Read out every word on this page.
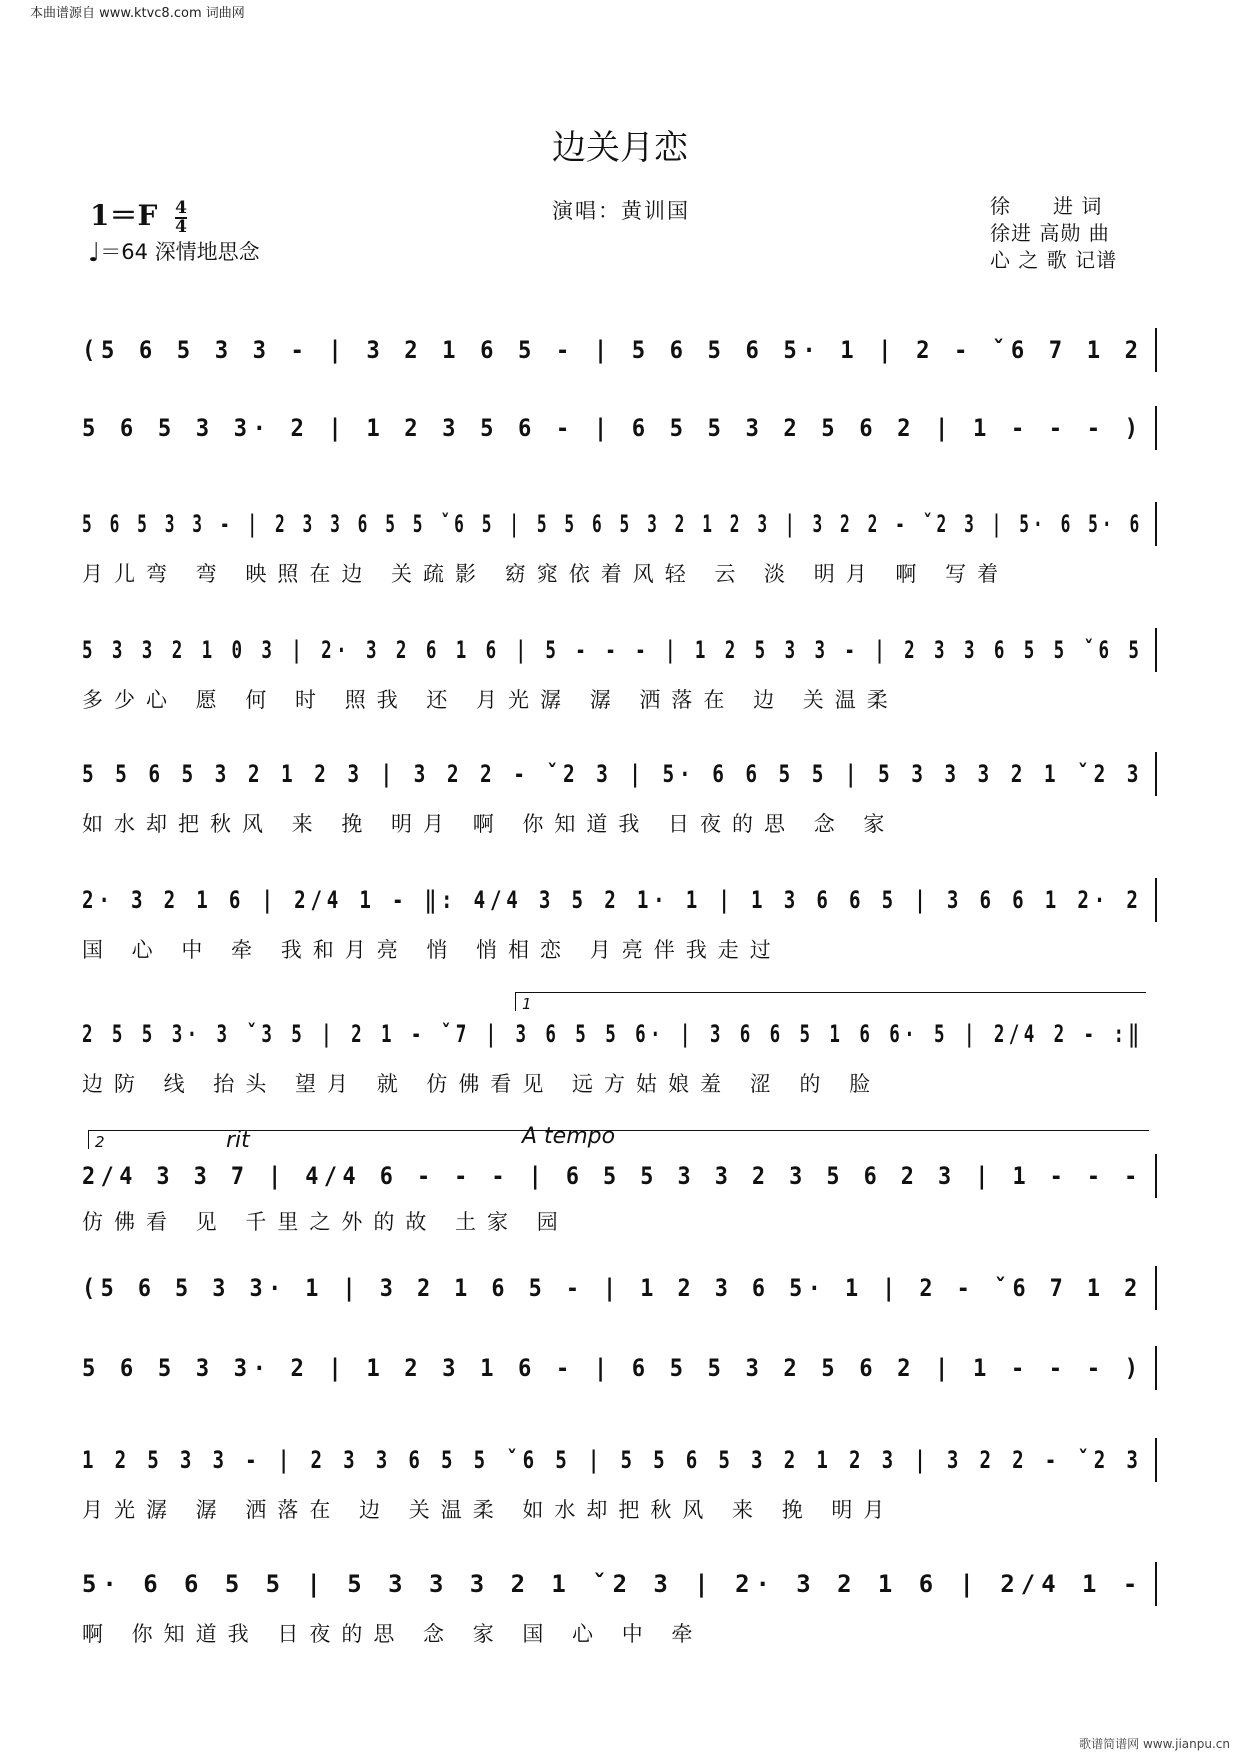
本曲谱源自 www.ktvc8.com 词曲网
边关月恋
$1=F \frac{4}{4}$
♩＝64 深情地思念
演唱：黄训国	徐　　进 词
徐进 高勋 曲
心 之 歌 记谱
(5 6 5 3 3 - | 3 2 1 6 5 - | 5 6 5 6 5· 1 | 2 - ˇ6 7 1 2
5 6 5 3 3· 2 | 1 2 3 5 6 - | 6 5 5 3 2 5 6 2 | 1 - - - )
5 6 5 3 3 - | 2 3 3 6 5 5 ˇ6 5 | 5 5 6 5 3 2 1 2 3 | 3 2 2 - ˇ2 3 | 5· 6 5· 6
月儿弯 弯 映照在边 关疏影 窈窕依着风轻 云 淡 明月 啊 写着
5 3 3 2 1 0 3 | 2· 3 2 6 1 6 | 5 - - - | 1 2 5 3 3 - | 2 3 3 6 5 5 ˇ6 5
多少心 愿 何 时 照我 还 月光潺 潺 洒落在 边 关温柔
5 5 6 5 3 2 1 2 3 | 3 2 2 - ˇ2 3 | 5· 6 6 5 5 | 5 3 3 3 2 1 ˇ2 3
如水却把秋风 来 挽 明月 啊 你知道我 日夜的思 念 家
2· 3 2 1 6 | 2/4 1 - ‖: 4/4 3 5 2 1· 1 | 1 3 6 6 5 | 3 6 6 1 2· 2
国 心 中 牵 我和月亮 悄 悄相恋 月亮伴我走过
1
2 5 5 3· 3 ˇ3 5 | 2 1 - ˇ7 | 3 6 5 5 6· | 3 6 6 5 1 6 6· 5 | 2/4 2 - :‖
边防 线 抬头 望月 就 仿佛看见 远方姑娘羞 涩 的 脸
2	rit	A tempo
2/4 3 3 7 | 4/4 6 - - - | 6 5 5 3 3 2 3 5 6 2 3 | 1 - - -
仿佛看 见 千里之外的故 土家 园
(5 6 5 3 3· 1 | 3 2 1 6 5 - | 1 2 3 6 5· 1 | 2 - ˇ6 7 1 2
5 6 5 3 3· 2 | 1 2 3 1 6 - | 6 5 5 3 2 5 6 2 | 1 - - - )
1 2 5 3 3 - | 2 3 3 6 5 5 ˇ6 5 | 5 5 6 5 3 2 1 2 3 | 3 2 2 - ˇ2 3
月光潺 潺 洒落在 边 关温柔 如水却把秋风 来 挽 明月
5· 6 6 5 5 | 5 3 3 3 2 1 ˇ2 3 | 2· 3 2 1 6 | 2/4 1 -
啊 你知道我 日夜的思 念 家 国 心 中 牵
歌谱简谱网 www.jianpu.cn
